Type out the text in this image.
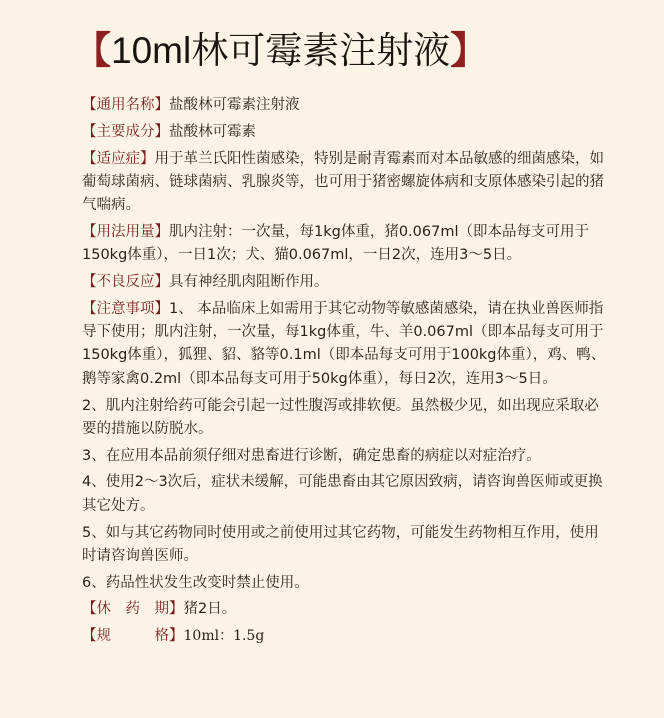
【10ml林可霉素注射液】

【通用名称】盐酸林可霉素注射液

【主要成分】盐酸林可霉素

【适应症】用于革兰氏阳性菌感染，特别是耐青霉素而对本品敏感的细菌感染，如葡萄球菌病、链球菌病、乳腺炎等，也可用于猪密螺旋体病和支原体感染引起的猪气喘病。

【用法用量】肌内注射：一次量，每1kg体重，猪0.067ml（即本品每支可用于150kg体重），一日1次；犬、猫0.067ml，一日2次，连用3～5日。

【不良反应】具有神经肌肉阻断作用。

【注意事项】1、 本品临床上如需用于其它动物等敏感菌感染，请在执业兽医师指导下使用；肌内注射，一次量，每1kg体重，牛、羊0.067ml（即本品每支可用于150kg体重），狐狸、貂、貉等0.1ml（即本品每支可用于100kg体重），鸡、鸭、鹅等家禽0.2ml（即本品每支可用于50kg体重），每日2次，连用3～5日。

2、肌内注射给药可能会引起一过性腹泻或排软便。虽然极少见，如出现应采取必要的措施以防脱水。

3、在应用本品前须仔细对患畜进行诊断，确定患畜的病症以对症治疗。

4、使用2～3次后，症状未缓解，可能患畜由其它原因致病，请咨询兽医师或更换其它处方。

5、如与其它药物同时使用或之前使用过其它药物，可能发生药物相互作用，使用时请咨询兽医师。

6、药品性状发生改变时禁止使用。

【休　药　期】猪2日。

【规　　　格】10ml：1.5g
